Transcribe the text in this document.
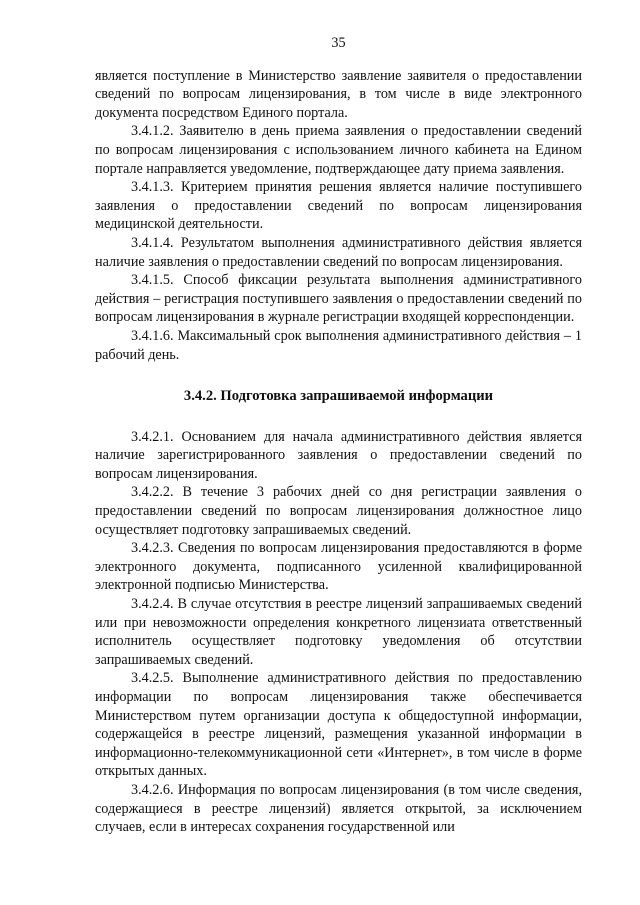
35

является поступление в Министерство заявление заявителя о предоставлении сведений по вопросам лицензирования, в том числе в виде электронного документа посредством Единого портала.

3.4.1.2. Заявителю в день приема заявления о предоставлении сведений по вопросам лицензирования с использованием личного кабинета на Едином портале направляется уведомление, подтверждающее дату приема заявления.

3.4.1.3. Критерием принятия решения является наличие поступившего заявления о предоставлении сведений по вопросам лицензирования медицинской деятельности.

3.4.1.4. Результатом выполнения административного действия является наличие заявления о предоставлении сведений по вопросам лицензирования.

3.4.1.5. Способ фиксации результата выполнения административного действия – регистрация поступившего заявления о предоставлении сведений по вопросам лицензирования в журнале регистрации входящей корреспонденции.

3.4.1.6. Максимальный срок выполнения административного действия – 1 рабочий день.

3.4.2. Подготовка запрашиваемой информации

3.4.2.1. Основанием для начала административного действия является наличие зарегистрированного заявления о предоставлении сведений по вопросам лицензирования.

3.4.2.2. В течение 3 рабочих дней со дня регистрации заявления о предоставлении сведений по вопросам лицензирования должностное лицо осуществляет подготовку запрашиваемых сведений.

3.4.2.3. Сведения по вопросам лицензирования предоставляются в форме электронного документа, подписанного усиленной квалифицированной электронной подписью Министерства.

3.4.2.4. В случае отсутствия в реестре лицензий запрашиваемых сведений или при невозможности определения конкретного лицензиата ответственный исполнитель осуществляет подготовку уведомления об отсутствии запрашиваемых сведений.

3.4.2.5. Выполнение административного действия по предоставлению информации по вопросам лицензирования также обеспечивается Министерством путем организации доступа к общедоступной информации, содержащейся в реестре лицензий, размещения указанной информации в информационно-телекоммуникационной сети «Интернет», в том числе в форме открытых данных.

3.4.2.6. Информация по вопросам лицензирования (в том числе сведения, содержащиеся в реестре лицензий) является открытой, за исключением случаев, если в интересах сохранения государственной или
